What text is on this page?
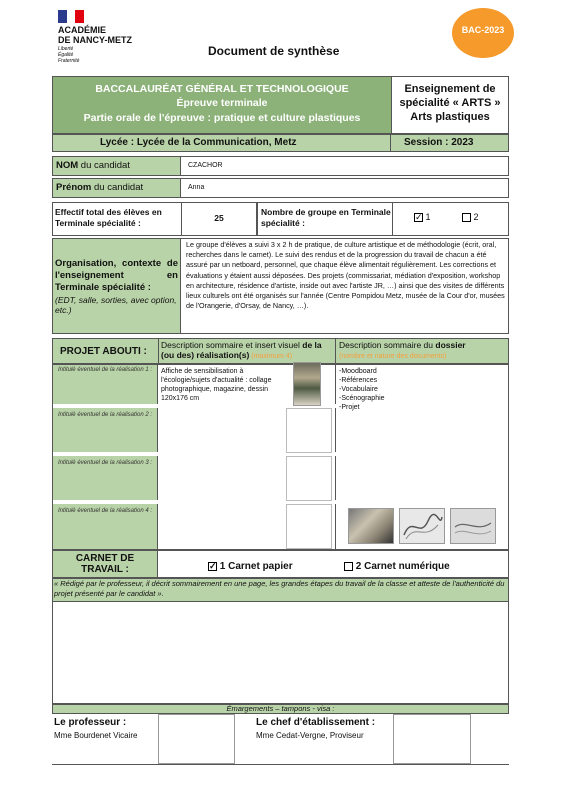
ACADÉMIE
DE NANCY-METZ
Liberté
Égalité
Fraternité
Document de synthèse
BAC-2023
BACCALAURÉAT GÉNÉRAL ET TECHNOLOGIQUE
Épreuve terminale
Partie orale de l'épreuve : pratique et culture plastiques
Enseignement de spécialité « ARTS » Arts plastiques
Lycée : Lycée de la Communication, Metz	Session : 2023
NOM du candidat	CZACHOR
Prénom du candidat	Anna
Effectif total des élèves en Terminale spécialité :	25
Nombre de groupe en Terminale spécialité :
✓ 1	2
Organisation, contexte de l'enseignement en Terminale spécialité :
(EDT, salle, sorties, avec option, etc.)
Le groupe d'élèves a suivi 3 x 2 h de pratique, de culture artistique et de méthodologie (écrit, oral, recherches dans le carnet). Le suivi des rendus et de la progression du travail de chacun a été assuré par un netboard, personnel, que chaque élève alimentait régulièrement. Les corrections et évaluations y étaient aussi déposées. Des projets (commissariat, médiation d'exposition, workshop en architecture, résidence d'artiste, inside out avec l'artiste JR, …) ainsi que des visites de différents lieux culturels ont été organisés sur l'année (Centre Pompidou Metz, musée de la Cour d'or, musées de l'Orangerie, d'Orsay, de Nancy, …).
PROJET ABOUTI :
Description sommaire et insert visuel de la (ou des) réalisation(s) (maximum 4)
Description sommaire du dossier
(nombre et nature des documents)
Intitulé éventuel de la réalisation 1 :
Intitulé éventuel de la réalisation 2 :
Intitulé éventuel de la réalisation 3 :
Intitulé éventuel de la réalisation 4 :
Affiche de sensibilisation à l'écologie/sujets d'actualité : collage photographique, magazine, dessin 120x176 cm
-Moodboard
-Références
-Vocabulaire
-Scénographie
-Projet
CARNET DE TRAVAIL :
✓	1 Carnet papier	2 Carnet numérique
« Rédigé par le professeur, il décrit sommairement en une page, les grandes étapes du travail de la classe et atteste de l'authenticité du projet présenté par le candidat ».
Émargements – tampons - visa :
Le professeur :
Mme Bourdenet Vicaire
Le chef d'établissement :
Mme Cedat-Vergne, Proviseur
